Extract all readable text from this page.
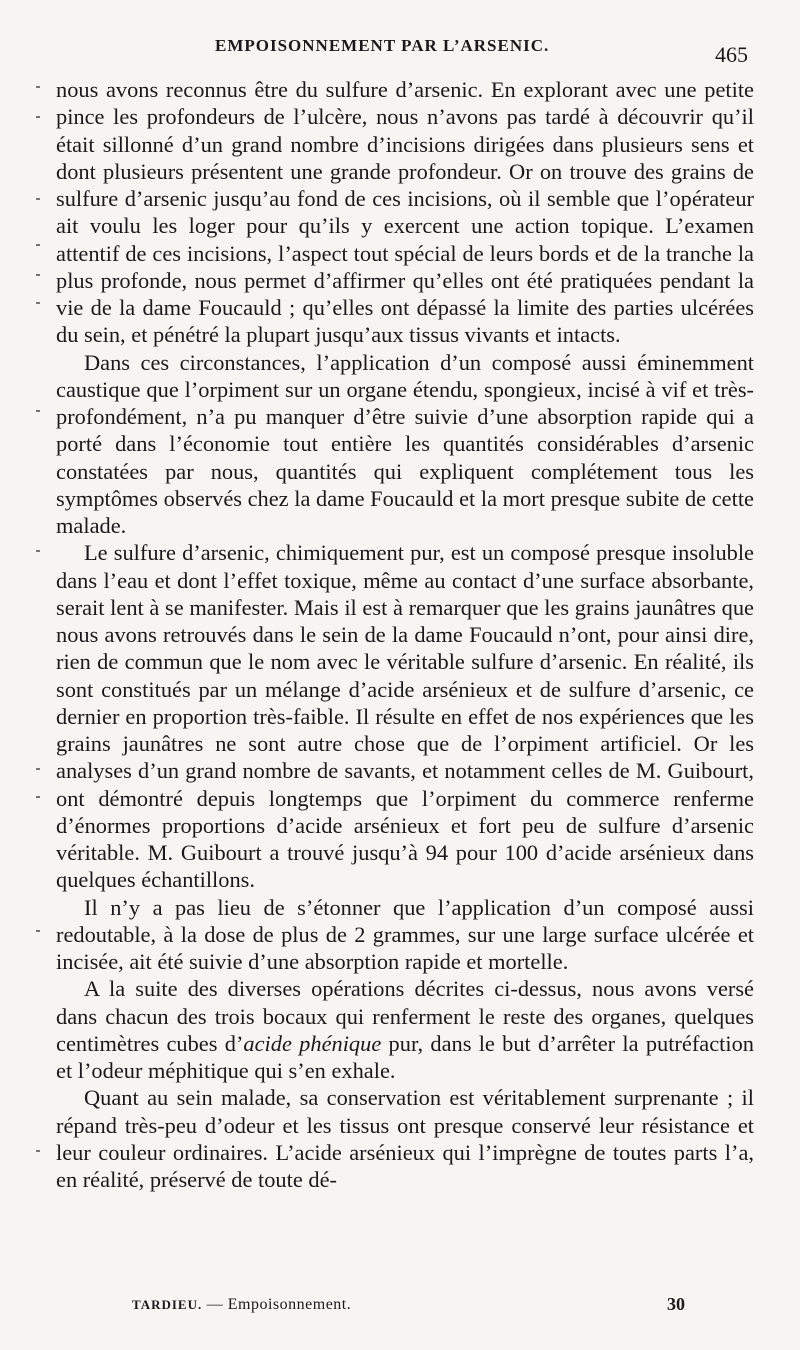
EMPOISONNEMENT PAR L’ARSENIC.	465

nous avons reconnus être du sulfure d’arsenic. En explorant avec une petite pince les profondeurs de l’ulcère, nous n’avons pas tardé à découvrir qu’il était sillonné d’un grand nombre d’incisions dirigées dans plusieurs sens et dont plusieurs présentent une grande profondeur. Or on trouve des grains de sulfure d’arsenic jusqu’au fond de ces incisions, où il semble que l’opérateur ait voulu les loger pour qu’ils y exercent une action topique. L’examen attentif de ces incisions, l’aspect tout spécial de leurs bords et de la tranche la plus profonde, nous permet d’affirmer qu’elles ont été pratiquées pendant la vie de la dame Foucauld ; qu’elles ont dépassé la limite des parties ulcérées du sein, et pénétré la plupart jusqu’aux tissus vivants et intacts.

Dans ces circonstances, l’application d’un composé aussi éminemment caustique que l’orpiment sur un organe étendu, spongieux, incisé à vif et très-profondément, n’a pu manquer d’être suivie d’une absorption rapide qui a porté dans l’économie tout entière les quantités considérables d’arsenic constatées par nous, quantités qui expliquent complétement tous les symptômes observés chez la dame Foucauld et la mort presque subite de cette malade.

Le sulfure d’arsenic, chimiquement pur, est un composé presque insoluble dans l’eau et dont l’effet toxique, même au contact d’une surface absorbante, serait lent à se manifester. Mais il est à remarquer que les grains jaunâtres que nous avons retrouvés dans le sein de la dame Foucauld n’ont, pour ainsi dire, rien de commun que le nom avec le véritable sulfure d’arsenic. En réalité, ils sont constitués par un mélange d’acide arsénieux et de sulfure d’arsenic, ce dernier en proportion très-faible. Il résulte en effet de nos expériences que les grains jaunâtres ne sont autre chose que de l’orpiment artificiel. Or les analyses d’un grand nombre de savants, et notamment celles de M. Guibourt, ont démontré depuis longtemps que l’orpiment du commerce renferme d’énormes proportions d’acide arsénieux et fort peu de sulfure d’arsenic véritable. M. Guibourt a trouvé jusqu’à 94 pour 100 d’acide arsénieux dans quelques échantillons.

Il n’y a pas lieu de s’étonner que l’application d’un composé aussi redoutable, à la dose de plus de 2 grammes, sur une large surface ulcérée et incisée, ait été suivie d’une absorption rapide et mortelle.

A la suite des diverses opérations décrites ci-dessus, nous avons versé dans chacun des trois bocaux qui renferment le reste des organes, quelques centimètres cubes d’acide phénique pur, dans le but d’arrêter la putréfaction et l’odeur méphitique qui s’en exhale.

Quant au sein malade, sa conservation est véritablement surprenante ; il répand très-peu d’odeur et les tissus ont presque conservé leur résistance et leur couleur ordinaires. L’acide arsénieux qui l’imprègne de toutes parts l’a, en réalité, préservé de toute dé-

TARDIEU. — Empoisonnement.	30
